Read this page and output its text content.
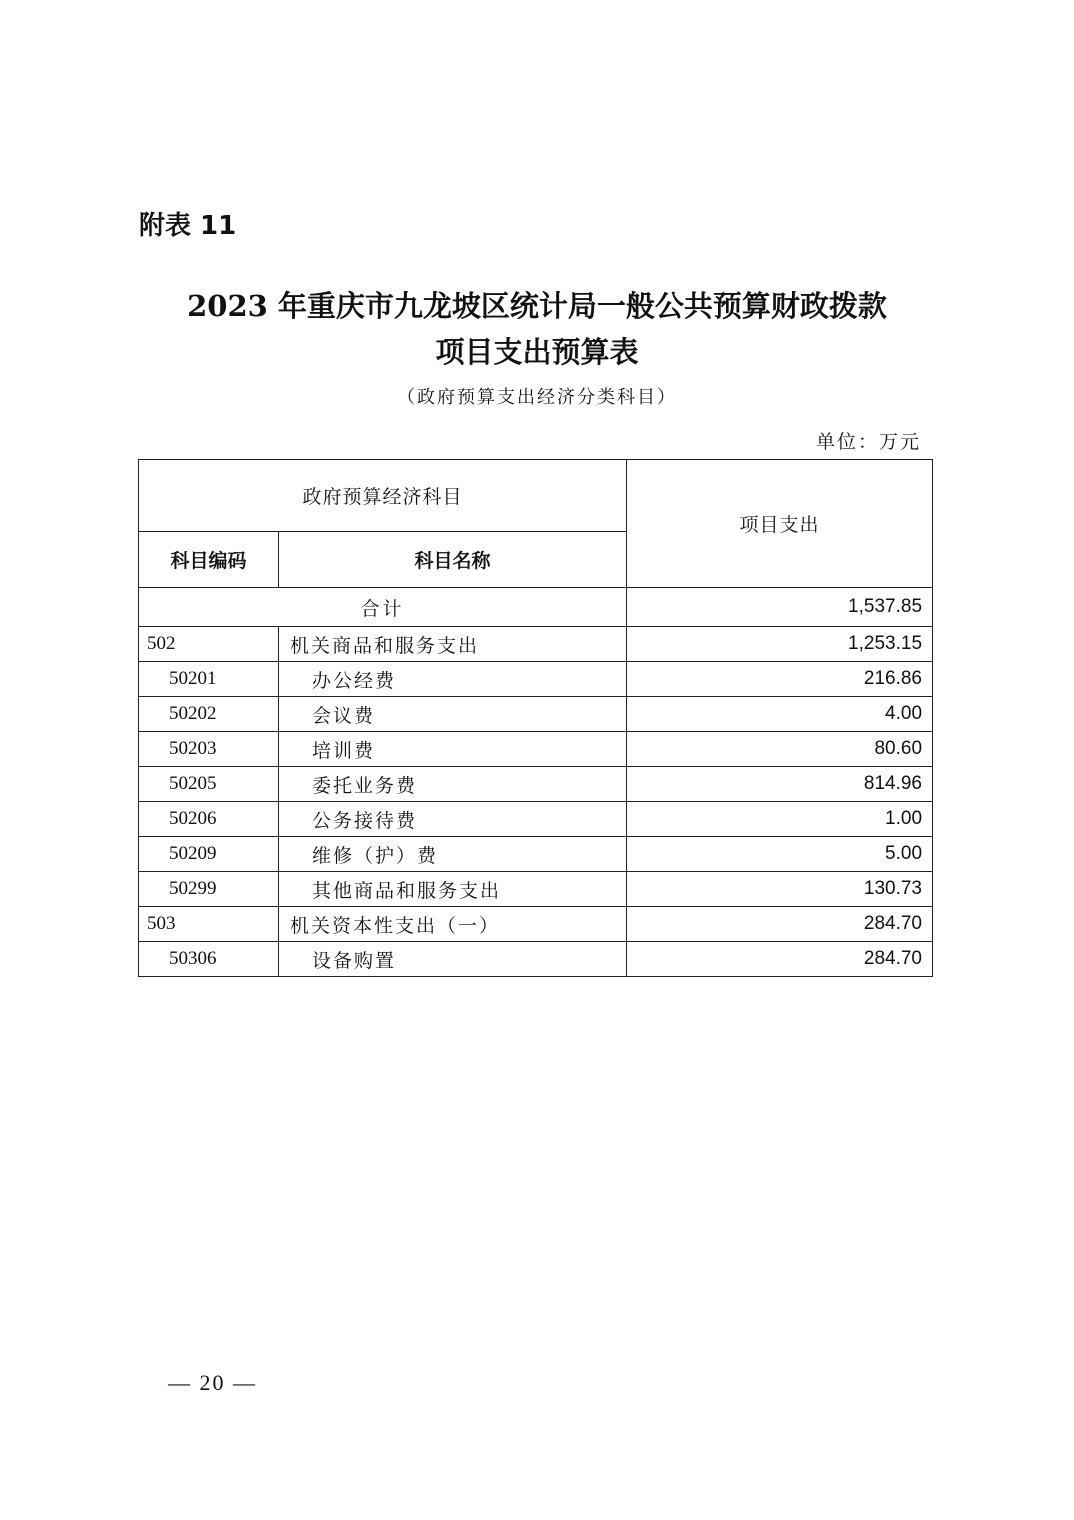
附表 11
2023 年重庆市九龙坡区统计局一般公共预算财政拨款
项目支出预算表
（政府预算支出经济分类科目）
单位：万元
政府预算经济科目		项目支出
科目编码	科目名称	
合计		1,537.85
502	机关商品和服务支出	1,253.15
50201	办公经费	216.86
50202	会议费	4.00
50203	培训费	80.60
50205	委托业务费	814.96
50206	公务接待费	1.00
50209	维修（护）费	5.00
50299	其他商品和服务支出	130.73
503	机关资本性支出（一）	284.70
50306	设备购置	284.70
— 20 —
